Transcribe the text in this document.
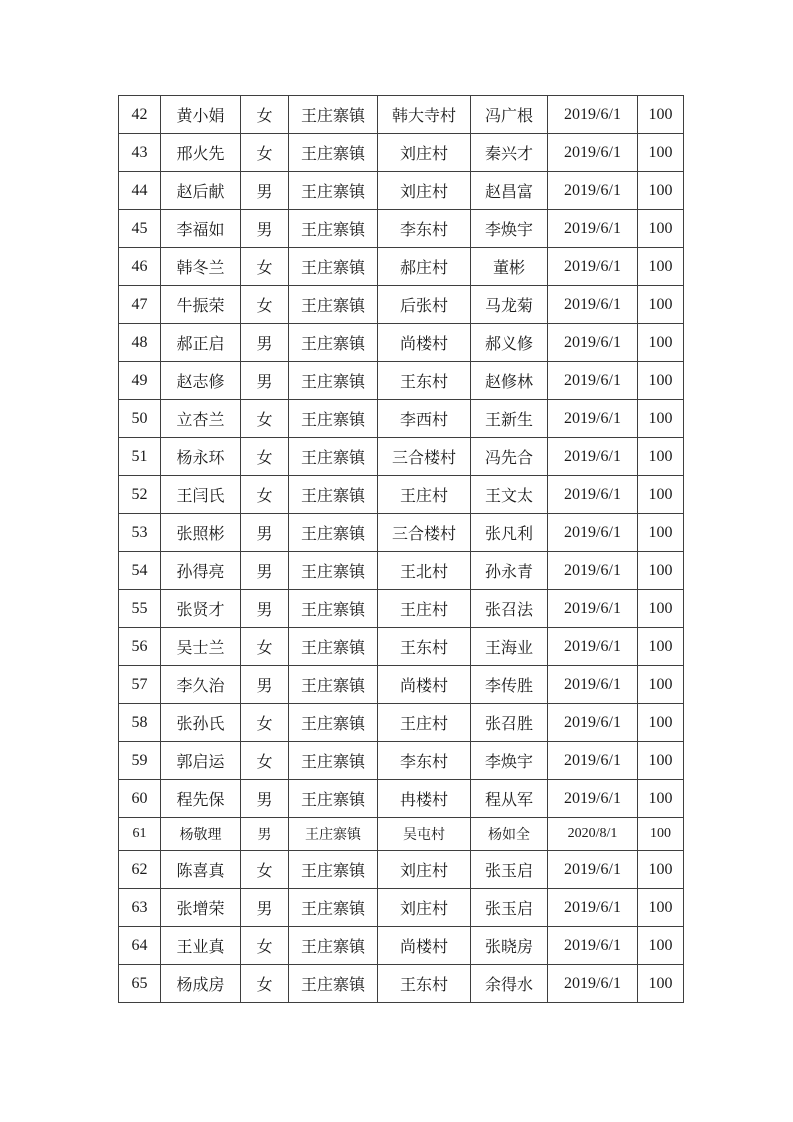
42	黄小娟	女	王庄寨镇	韩大寺村	冯广根	2019/6/1	100
43	邢火先	女	王庄寨镇	刘庄村	秦兴才	2019/6/1	100
44	赵后献	男	王庄寨镇	刘庄村	赵昌富	2019/6/1	100
45	李福如	男	王庄寨镇	李东村	李焕宇	2019/6/1	100
46	韩冬兰	女	王庄寨镇	郝庄村	董彬	2019/6/1	100
47	牛振荣	女	王庄寨镇	后张村	马龙菊	2019/6/1	100
48	郝正启	男	王庄寨镇	尚楼村	郝义修	2019/6/1	100
49	赵志修	男	王庄寨镇	王东村	赵修林	2019/6/1	100
50	立杏兰	女	王庄寨镇	李西村	王新生	2019/6/1	100
51	杨永环	女	王庄寨镇	三合楼村	冯先合	2019/6/1	100
52	王闫氏	女	王庄寨镇	王庄村	王文太	2019/6/1	100
53	张照彬	男	王庄寨镇	三合楼村	张凡利	2019/6/1	100
54	孙得亮	男	王庄寨镇	王北村	孙永青	2019/6/1	100
55	张贤才	男	王庄寨镇	王庄村	张召法	2019/6/1	100
56	吴士兰	女	王庄寨镇	王东村	王海业	2019/6/1	100
57	李久治	男	王庄寨镇	尚楼村	李传胜	2019/6/1	100
58	张孙氏	女	王庄寨镇	王庄村	张召胜	2019/6/1	100
59	郭启运	女	王庄寨镇	李东村	李焕宇	2019/6/1	100
60	程先保	男	王庄寨镇	冉楼村	程从军	2019/6/1	100
61	杨敬理	男	王庄寨镇	吴屯村	杨如全	2020/8/1	100
62	陈喜真	女	王庄寨镇	刘庄村	张玉启	2019/6/1	100
63	张增荣	男	王庄寨镇	刘庄村	张玉启	2019/6/1	100
64	王业真	女	王庄寨镇	尚楼村	张晓房	2019/6/1	100
65	杨成房	女	王庄寨镇	王东村	余得水	2019/6/1	100
